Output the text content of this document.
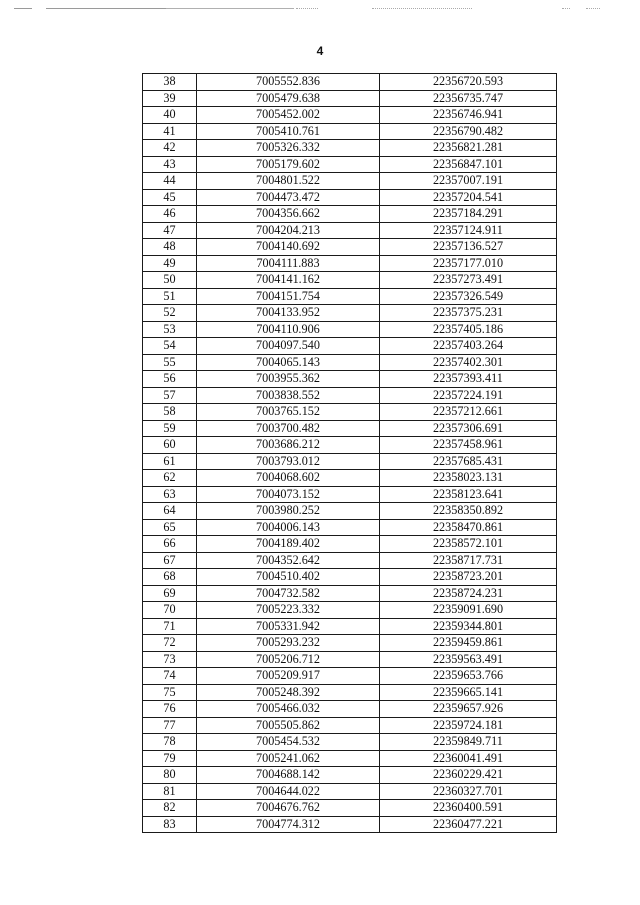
4
38	7005552.836	22356720.593
39	7005479.638	22356735.747
40	7005452.002	22356746.941
41	7005410.761	22356790.482
42	7005326.332	22356821.281
43	7005179.602	22356847.101
44	7004801.522	22357007.191
45	7004473.472	22357204.541
46	7004356.662	22357184.291
47	7004204.213	22357124.911
48	7004140.692	22357136.527
49	7004111.883	22357177.010
50	7004141.162	22357273.491
51	7004151.754	22357326.549
52	7004133.952	22357375.231
53	7004110.906	22357405.186
54	7004097.540	22357403.264
55	7004065.143	22357402.301
56	7003955.362	22357393.411
57	7003838.552	22357224.191
58	7003765.152	22357212.661
59	7003700.482	22357306.691
60	7003686.212	22357458.961
61	7003793.012	22357685.431
62	7004068.602	22358023.131
63	7004073.152	22358123.641
64	7003980.252	22358350.892
65	7004006.143	22358470.861
66	7004189.402	22358572.101
67	7004352.642	22358717.731
68	7004510.402	22358723.201
69	7004732.582	22358724.231
70	7005223.332	22359091.690
71	7005331.942	22359344.801
72	7005293.232	22359459.861
73	7005206.712	22359563.491
74	7005209.917	22359653.766
75	7005248.392	22359665.141
76	7005466.032	22359657.926
77	7005505.862	22359724.181
78	7005454.532	22359849.711
79	7005241.062	22360041.491
80	7004688.142	22360229.421
81	7004644.022	22360327.701
82	7004676.762	22360400.591
83	7004774.312	22360477.221
